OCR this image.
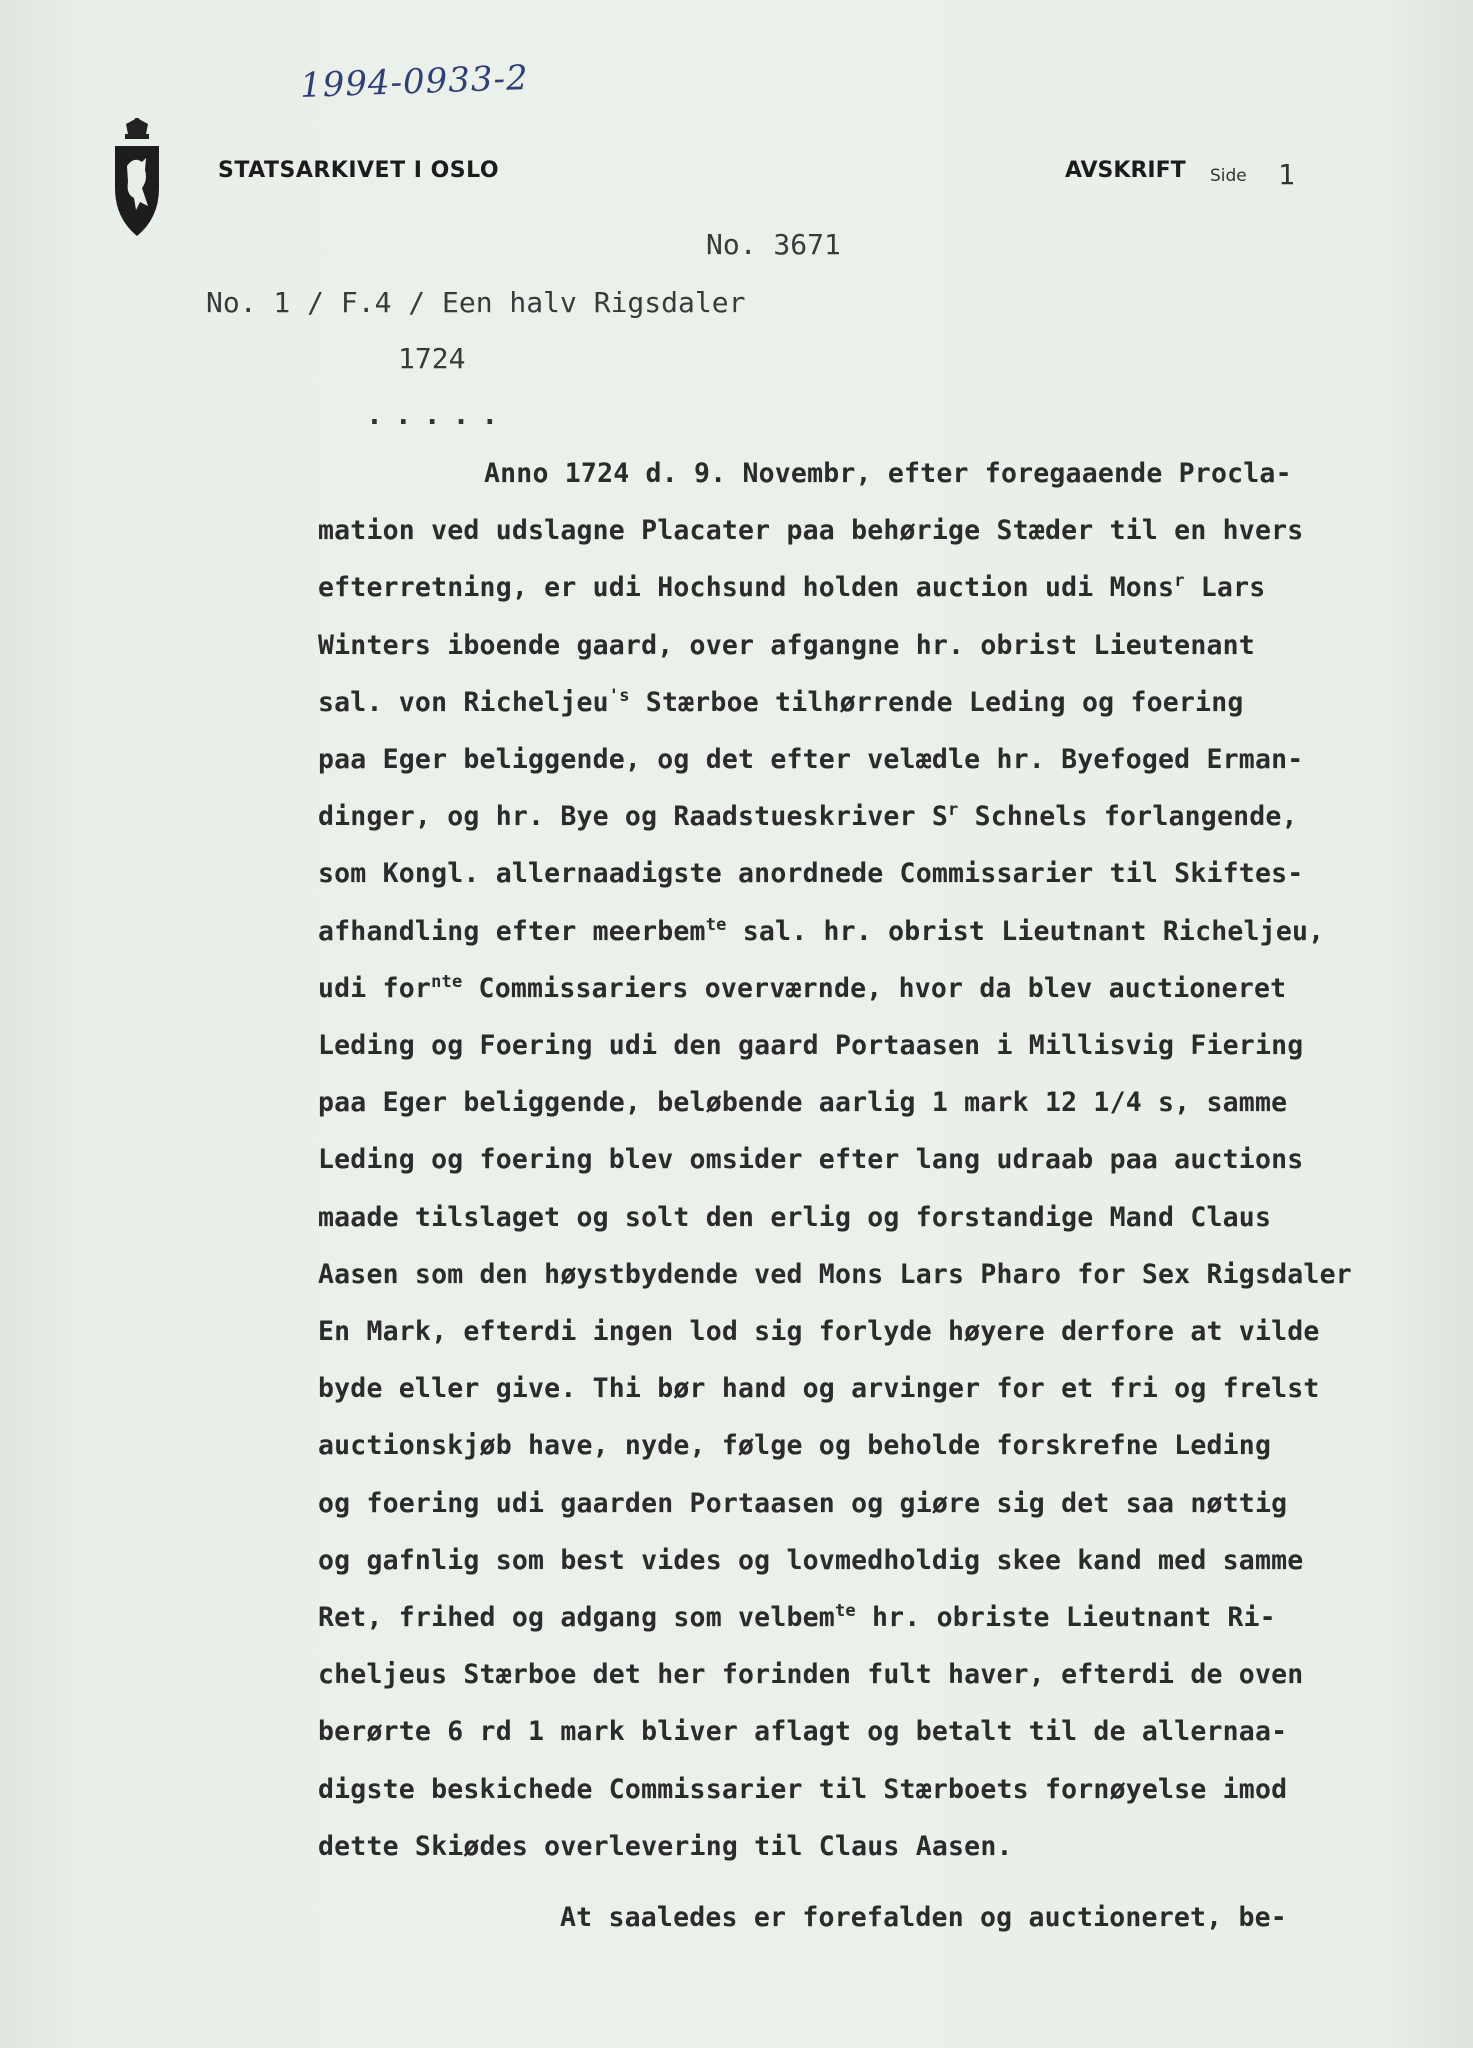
1994-0933-2
STATSARKIVET I OSLO	AVSKRIFT Side 1
No. 3671
No. 1 / F.4 / Een halv Rigsdaler
1724
.....
Anno 1724 d. 9. Novembr, efter foregaaende Procla-
mation ved udslagne Placater paa behørige Stæder til en hvers
efterretning, er udi Hochsund holden auction udi Mons$^r$ Lars
Winters iboende gaard, over afgangne hr. obrist Lieutenant
sal. von Richeljeu$^{'s}$ Stærboe tilhørrende Leding og foering
paa Eger beliggende, og det efter velædle hr. Byefoged Erman-
dinger, og hr. Bye og Raadstueskriver $S^r$ Schnels forlangende,
som Kongl. allernaadigste anordnede Commissarier til Skiftes-
afhandling efter meerbem$^{te}$ sal. hr. obrist Lieutnant Richeljeu,
udi for$^{nte}$ Commissariers overværnde, hvor da blev auctioneret
Leding og Foering udi den gaard Portaasen i Millisvig Fiering
paa Eger beliggende, beløbende aarlig 1 mark 12 1/4 s, samme
Leding og foering blev omsider efter lang udraab paa auctions
maade tilslaget og solt den erlig og forstandige Mand Claus
Aasen som den høystbydende ved Mons Lars Pharo for Sex Rigsdaler
En Mark, efterdi ingen lod sig forlyde høyere derfore at vilde
byde eller give. Thi bør hand og arvinger for et fri og frelst
auctionskjøb have, nyde, følge og beholde forskrefne Leding
og foering udi gaarden Portaasen og giøre sig det saa nøttig
og gafnlig som best vides og lovmedholdig skee kand med samme
Ret, frihed og adgang som velbem$^{te}$ hr. obriste Lieutnant Ri-
cheljeus Stærboe det her forinden fult haver, efterdi de oven
berørte 6 rd 1 mark bliver aflagt og betalt til de allernaa-
digste beskichede Commissarier til Stærboets fornøyelse imod
dette Skiødes overlevering til Claus Aasen.
At saaledes er forefalden og auctioneret, be-
